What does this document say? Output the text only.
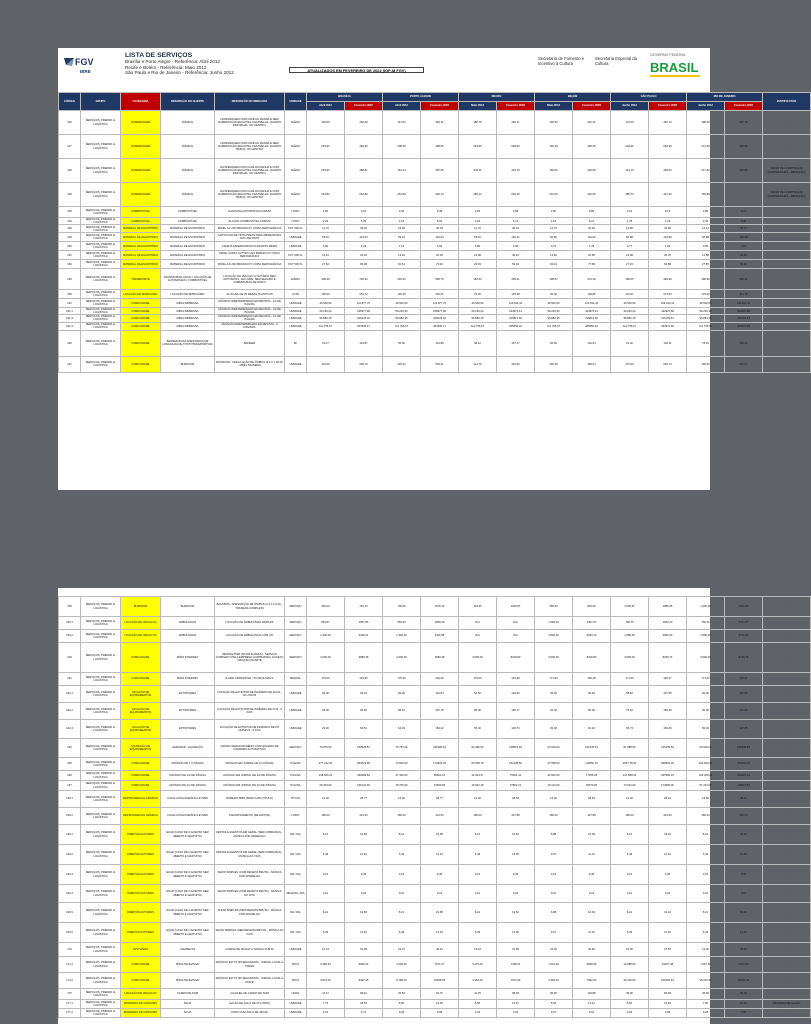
FGV
IBRE
LISTA DE SERVIÇOS
Brasília e Porto Alegre - Referência: Abril 2012
Recife e Belém - Referência: Maio 2012
São Paulo e Rio de Janeiro - Referência: Junho 2012	ATUALIZADOS EM FEVEREIRO DE 2022 (IGP-M FGV)
Secretaria de Fomento e Incentivo à Cultura
Secretaria Especial da Cultura
GOVERNO FEDERAL
BRASIL
CÓDIGO	GRUPO	CATEGORIA	DESCRIÇÃO DO CLIENTE	DESCRIÇÃO DO MERCADO	UNIDADE	BRASÍLIA		PORTO ALEGRE		RECIFE		BELÉM		SÃO PAULO		RIO DE JANEIRO		JUSTIFICATIVA
						Abril 2012	Fevereiro 2022	Abril 2012	Fevereiro 2022	Maio 2012	Fevereiro 2022	Maio 2012	Fevereiro 2022	Junho 2012	Fevereiro 2022	Junho 2012	Fevereiro 2022	
126	SERVIÇOS, PREPAR. E LOGÍSTICA	HOSPEDAGEM	DIÁRIAS	HOSPEDAGEM COM CAFÉ DA MANHÃ E SEM ALIMENTAÇÃO EM HOTEL 3 ESTRELAS, QUARTO INDIVIDUAL, NO CENTRO.	DIÁRIA	193,00	462,69	147,00	352,11	188,78	429,71	130,00	310,21	176,00	354,10	398,00	867,79	-
127	SERVIÇOS, PREPAR. E LOGÍSTICA	HOSPEDAGEM	DIÁRIAS	HOSPEDAGEM COM CAFÉ DA MANHÃ E SEM ALIMENTAÇÃO EM HOTEL 3 ESTRELAS, QUARTO TRIPLO, NO CENTRO.	DIÁRIA	203,91	484,95	208,00	498,65	263,56	628,50	192,46	395,45	239,25	562,96	271,48	646,80	-
128	SERVIÇOS, PREPAR. E LOGÍSTICA	HOSPEDAGEM	DIÁRIAS	HOSPEDAGEM COM CAFÉ DA MANHÃ E COM ALIMENTAÇÃO EM HOTEL 3 ESTRELAS, QUARTO INDIVIDUAL, NO CENTRO.	DIÁRIA	203,91	488,81	161,24	387,25	235,11	433,79	166,00	302,83	191,19	455,03	217,22	510,85	VALOR DE COMPOSIÇÃO (HOSPEDAGEM + REFEIÇÃO)
129	SERVIÇOS, PREPAR. E LOGÍSTICA	HOSPEDAGEM	DIÁRIAS	HOSPEDAGEM COM CAFÉ DA MANHÃ E COM ALIMENTAÇÃO EM HOTEL 3 ESTRELAS, QUARTO TRIPLO, NO CENTRO.	DIÁRIA	234,84	562,89	251,08	602,13	256,14	593,35	201,06	291,62	385,72	327,29	769,88		VALOR DE COMPOSIÇÃO (HOSPEDAGEM + REFEIÇÃO)
145	SERVIÇOS, PREPAR. E LOGÍSTICA	COMBUSTÍVEL	COMBUSTÍVEL	GASOLINA AUTOMOTIVA COMUM	LITRO	2,80	6,61	2,66	6,38	2,81	6,69	2,90	6,89	2,61	6,13	2,85	6,71	
146	SERVIÇOS, PREPAR. E LOGÍSTICA	COMBUSTÍVEL	COMBUSTÍVEL	ÁLCOOL COMBUSTÍVEL COMUM	LITRO	2,29	5,39	2,16	5,02	2,15	5,11	2,19	5,21	1,78	4,19	2,30	5,48	
148	SERVIÇOS, PREPAR. E LOGÍSTICA	MATERIAL DE ESCRITÓRIO	MATERIAL DE ESCRITÓRIO	PAPEL A4 USO BRANCO P/ CÓPIA XEROGRÁFICA	PCT 500 FL	14,70	35,29	15,09	36,18	12,70	30,19	14,70	34,94	13,88	32,66	14,14	33,74	
149	SERVIÇOS, PREPAR. E LOGÍSTICA	MATERIAL DE ESCRITÓRIO	MATERIAL DE ESCRITÓRIO	CARTUCHO DE TINTA PRETA PARA IMPRESSORA JATO DE TINTA	UNIDADE	59,91	143,63	59,91	143,63	59,91	142,41	60,80	144,52	60,88	143,98	60,88	145,38	
150	SERVIÇOS, PREPAR. E LOGÍSTICA	MATERIAL DE ESCRITÓRIO	MATERIAL DE ESCRITÓRIO	CANETA ESFEROGRÁFICA ESCRITA MÉDIA	UNIDADE	0,90	2,16	1,12	2,69	0,80	2,00	0,75	1,78	0,77	1,81	0,90	2,12	
151	SERVIÇOS, PREPAR. E LOGÍSTICA	MATERIAL DE ESCRITÓRIO	MATERIAL DE ESCRITÓRIO	PAPEL CARTA COTTEX USO BRANCO P/ CÓPIA XEROGRÁFICA	PCT 500 FL	13,61	32,63	13,45	32,25	13,08	30,16	13,92	32,95	13,08	30,78	12,88	29,84	
152	SERVIÇOS, PREPAR. E LOGÍSTICA	MATERIAL DE ESCRITÓRIO	MATERIAL DE ESCRITÓRIO	PAPEL A3 USO BRANCO P/ CÓPIA XEROGRÁFICA	PCT 500 FL	27,52	65,98	30,64	73,46	26,93	59,02	32,46	77,09	27,15	63,88	27,85	65,33	
153	SERVIÇOS, PREPAR. E LOGÍSTICA	TRANSPORTE	TRANSPORTE LOCAL / LOCAÇÃO DE AUTOMÓVEIS / COMBUSTÍVEL	LOCAÇÃO DE VEÍCULO UTILITÁRIO SEM MOTORISTA, KM LIVRE, SEM SEGURO E COBERTURAS DE RISCO	DIÁRIA	409,29	748,94	246,00	589,75	182,53	435,61	198,67	472,26	186,05	484,93	398,96	469,32	
159	SERVIÇOS, PREPAR. E LOGÍSTICA	LOCAÇÃO DE MOBILIÁRIO	LOCAÇÃO DE MOBILIÁRIO	ALUGUEL DE 25 MESAS PLÁSTICAS	LOTE	105,00	251,72	126,25	302,67	75,00	178,28	50,00	118,85	116,67	274,53	175,00	411,78	
191	SERVIÇOS, PREPAR. E LOGÍSTICA	PUBLICIDADE	MÍDIA IMPRESSA	ANÚNCIO INDETERMINADO EM REVISTA - 1/4 DE PÁGINA	UNIDADE	46.500,00	111.877,75	46.500,00	111.877,75	46.500,00	110.534,44	46.500,00	110.534,44	46.500,00	109.910,41	46.500,00	109.921,41	
191,1	SERVIÇOS, PREPAR. E LOGÍSTICA	PUBLICIDADE	MÍDIA IMPRESSA	ANÚNCIO INDETERMINADO EM REVISTA - 1/2 DE PÁGINA	UNIDADE	69.233,33	165977,99	69.233,33	165977,99	69.233,33	164573,41	69.233,33	164573,41	69.233,33	162907,68	69.233,33	162907,68	
191,3	SERVIÇOS, PREPAR. E LOGÍSTICA	PUBLICIDADE	MÍDIA IMPRESSA	ANÚNCIO INDETERMINADO EM REVISTA - 1/1 DE PÁGINA	UNIDADE	95.883,15	229278,32	95.883,15	229278,32	95.883,15	215813,65	95.883,15	215813,65	95.883,15	216153,67	95.883,15	216153,67	
191,4	SERVIÇOS, PREPAR. E LOGÍSTICA	PUBLICIDADE	MÍDIA IMPRESSA	ANÚNCIO INDETERMINADO EM REVISTA - 2 PÁGINAS	UNIDADE	111.756,67	267835,17	111.756,67	267835,17	111.756,67	265656,22	111.756,67	265656,22	111.756,67	263971,99	111.756,67	263871,99	
196	SERVIÇOS, PREPAR. E LOGÍSTICA	PUBLICIDADE	BANNER/FAIXA ADESIVADAS DE LONA/FAIXA DE TNT/TOTENS/PÓRTICO	BANNER	M²	51,47	123,87	55,00	131,86	66,12	157,17	60,00	142,64	61,00	146,11	78,91	184,21	
197	SERVIÇOS, PREPAR. E LOGÍSTICA	PUBLICIDADE	BUSDOOR	BUSDOOR - VEICULAÇÃO DE ÔNIBUS (3,3 X 1,05 M) - MÍDIA TRASEIRA	UNIDADE	112,50	269,70	225,00	539,41	144,75	344,09	155,29	369,04	276,00	649,73	190,00	447,07	
158	SERVIÇOS, PREPAR. E LOGÍSTICA	BUSDOOR	BUSDOOR	BACKBUS - ADESIVAÇÃO DE ÔNIBUS (3,3 X 2,0 M) - TRASEIRA COMPLETA	SERVIÇO	330,00	791,13	700,00	1678,16	433,35	1029,87	355,50	845,05	1.006,67	1986,95	1.300,00	2355,32	-
159,1	SERVIÇOS, PREPAR. E LOGÍSTICA	LOCAÇÃO DE VEÍCULOS	AMBULÂNCIA	LOCAÇÃO DE AMBULÂNCIA SIMPLES	SERVIÇO	853,67	1957,86	650,00	1558,29	N/A	N/A	1.690,00	1467,67	706,75	1664,00	750,00	1764,77	-
159,2	SERVIÇOS, PREPAR. E LOGÍSTICA	LOCAÇÃO DE VEÍCULOS	AMBULÂNCIA	LOCAÇÃO DE AMBULÂNCIA COM UTI	SERVIÇO	1.430,00	3428,21	1.300,00	3116,58	N/A	N/A	3.800,00	9033,10	1.589,25	3682,69	1.590,00	3741,28	-
160	SERVIÇOS, PREPAR. E LOGÍSTICA	PUBLICIDADE	MÍDIA INTERNET	NEWSLETTER (50.000 E-MAILS) - SERVIÇO COMPLETO PELA EMPRESA CONTRATADA, EXCETO CRIAÇÃO DA ARTE	SERVIÇO	4.000,00	9589,48	2.000,00	4589,38	3.500,00	8319,80	3.500,00	8319,80	3.500,00	8235,74	3.500,00	8235,74	-
161	SERVIÇOS, PREPAR. E LOGÍSTICA	PUBLICIDADE	MÍDIA INTERNET	E-MAIL MARKETING - 50.000 E-MAILS	MENSAL	175,00	419,95	175,00	419,95	175,00	415,98	171,00	406,48	171,00	402,37	171,00	402,37	-
162,1	SERVIÇOS, PREPAR. E LOGÍSTICA	LOCAÇÃO DE EQUIPAMENTOS	EXTINTORES	LOCAÇÃO DE EXTINTOR DE INCÊNDIO DE ÁGUA - 10 LITROS	UNIDADE	26,00	62,33	60,00	143,84	52,50	124,80	35,00	95,33	98,62	137,65	50,00	117,65	-
162,2	SERVIÇOS, PREPAR. E LOGÍSTICA	LOCAÇÃO DE EQUIPAMENTOS	EXTINTORES	LOCAÇÃO DE EXTINTOR DE INCÊNDIO DE CO2 - 6 KGS	UNIDADE	39,00	93,50	86,67	207,78	80,00	190,17	20,00	95,06	76,62	180,99	50,00	117,65	-
162,3	SERVIÇOS, PREPAR. E LOGÍSTICA	LOCAÇÃO DE EQUIPAMENTOS	EXTINTORES	LOCAÇÃO DE EXTINTOR DE INCÊNDIO DE PÓ QUÍMICO - 6 KGS	UNIDADE	29,00	69,52	64,33	154,22	55,00	130,74	35,00	81,20	65,73	154,66	50,00	117,65	-
164	SERVIÇOS, PREPAR. E LOGÍSTICA	AQUISIÇÃO DE EQUIPAMENTOS	GERADOR - AQUISIÇÃO	GRUPO GERADOR MÉDIO COM QUADRO DE COMANDO AUTOMÁTICO	SERVIÇO	70.879,00	169923,57	75.787,00	181686,42	62.480,00	148519,34	64.000,00	152135,51	61.688,96	145155,63	63.900,00	150349,83	-
165	SERVIÇOS, PREPAR. E LOGÍSTICA	PUBLICIDADE	ANÚNCIO DE 1 X PÁGINA	ANÚNCIO EM JORNAL DE 1/1 PÁGINA	PÁGINA	277.212,00	664579,68	74.800,00	179323,35	63.608,75	151208,82	47.558,00	113050,15	295.778,00	695964,30	202.816,00	472234,26	-
166	SERVIÇOS, PREPAR. E LOGÍSTICA	PUBLICIDADE	ANÚNCIO DE 1/2 DE PÁGINA	ANÚNCIO EM JORNAL DE 1/2 DE PÁGINA	PÁGINA	138.606,00	332289,84	37.400,00	89661,67	31.804,37	75604,41	32.500,00	77255,25	147.889,00	347982,15	100.308,00	236027,12	-
167	SERVIÇOS, PREPAR. E LOGÍSTICA	PUBLICIDADE	ANÚNCIO DE 1/4 DE PÁGINA	ANÚNCIO EM JORNAL DE 1/4 DE PÁGINA	PÁGINA	69.303,00	166144,92	18.700,00	44830,84	15.902,18	37802,21	15.132,00	35970,00	73.944,00	173990,00	51.154,00	118013,56	-
168,1	SERVIÇOS, PREPAR. E LOGÍSTICA	REPROGRAFIA E GRÁFICA	FICHA CATALOGRÁFICA E ISBN	NÚMERO ISBN (PARA CADA TÍTULO)	TÍTULO	12,00	28,77	12,00	28,77	12,00	28,53	12,00	28,53	12,00	28,24	12,00	28,24	-
168,2	SERVIÇOS, PREPAR. E LOGÍSTICA	REPROGRAFIA E GRÁFICA	FICHA CATALOGRÁFICA E ISBN	CADASTRAMENTO (DE EDITOR)	LIVRO	180,00	431,53	180,00	431,53	180,00	427,88	180,00	427,88	180,00	423,54	180,00	423,54	-
169,1	SERVIÇOS, PREPAR. E LOGÍSTICA	DIREITOS AUTORAIS	ECAD (CASO DE O EVENTO SER ABERTO E GRATUITO)	FESTAS E EVENTOS EM GERAL (SEM COBRANÇA) - MÚSICA POR APARELHO	M2 / DIA	8,21	19,68	8,21	19,68	8,21	19,52	6,88	16,39	8,21	19,32	8,21	19,32	-
169,2	SERVIÇOS, PREPAR. E LOGÍSTICA	DIREITOS AUTORAIS	ECAD (CASO DE O EVENTO SER ABERTO E GRATUITO)	FESTAS E EVENTOS EM GERAL (SEM COBRANÇA) - MÚSICA AO VIVO	M2 / DIA	5,49	13,16	5,49	13,16	5,49	13,05	3,67	11,10	5,49	12,92	5,49	12,92	-
169,3	SERVIÇOS, PREPAR. E LOGÍSTICA	DIREITOS AUTORAIS	ECAD (CASO DE O EVENTO SER ABERTO E GRATUITO)	SHOW SIMPLES (COM RECEITA BRUTA) - MÚSICA POR APARELHO	M2 / DIA	0,15	0,36	0,15	0,36	0,15	0,36	0,15	0,36	0,15	0,35	0,15	0,35	-
169,4	SERVIÇOS, PREPAR. E LOGÍSTICA	DIREITOS AUTORAIS	ECAD (CASO DE O EVENTO SER ABERTO E GRATUITO)	SHOW SIMPLES (COM RECEITA BRUTA) - MÚSICA AO VIVO	RECEITA / DIA	0,10	0,24	0,10	0,24	0,10	0,24	0,10	0,24	0,10	0,24	0,10	0,24	-
169,5	SERVIÇOS, PREPAR. E LOGÍSTICA	DIREITOS AUTORAIS	ECAD (CASO DE O EVENTO SER ABERTO E GRATUITO)	SHOW SIMPLES (SEM RECEITA BRUTA) - MÚSICA POR APARELHO	M2 / DIA	8,21	19,68	8,21	19,68	8,21	19,52	6,88	16,39	8,21	19,32	8,21	19,32	-
169,6	SERVIÇOS, PREPAR. E LOGÍSTICA	DIREITOS AUTORAIS	ECAD (CASO DE O EVENTO SER ABERTO E GRATUITO)	SHOW SIMPLES (SEM RECEITA BRUTA) - MÚSICA AO VIVO	M2 / DIA	5,49	13,16	5,49	13,16	5,49	13,05	3,67	11,10	5,49	12,92	5,49	12,92	-
170	SERVIÇOS, PREPAR. E LOGÍSTICA	VESTUÁRIO	CAMISETAS	CAMISA DE MALHA C/ MANGA CURTA	UNIDADE	21,43	51,38	19,37	46,44	13,44	31,95	15,00	35,66	15,95	37,53	14,00	33,65	-
174,1	SERVIÇOS, PREPAR. E LOGÍSTICA	PUBLICIDADE	MÍDIA TELEVISIVA	ANÚNCIO EM TV (30 SEGUNDOS) - JORNAL LOCAL A TARDE	SPOT	2.399,33	5608,24	3.200,00	7671,57	3.276,00	7788,31	1.619,00	3848,59	10.288,00	24207,38	1.667,50	3923,50	-
174,2	SERVIÇOS, PREPAR. E LOGÍSTICA	PUBLICIDADE	MÍDIA TELEVISIVA	ANÚNCIO EM TV (30 SEGUNDOS) - JORNAL LOCAL A NOITE	SPOT	3.541,00	8497,45	6.786,00	16268,55	3.354,00	7972,92	3.362,00	7992,23	45.120,00	106166,61	15.012,00	35331,31	-
176	SERVIÇOS, PREPAR. E LOGÍSTICA	LOCAÇÃO DE VEÍCULOS	CARRO DE SOM	ALUGUEL DE CARRO DE SOM	HORA	41,47	99,42	39,50	94,70	41,25	98,05	50,00	118,85	35,00	82,36	35,00	82,36	-
177,1	SERVIÇOS, PREPAR. E LOGÍSTICA	MATERIAIS DE CONSUMO	ÁGUA	GALÃO DE ÁGUA DE 20 LITROS	UNIDADE	7,73	18,53	8,00	19,18	5,50	13,07	5,64	13,41	5,60	13,63	7,60	17,91	RECARGA DE GALÃO
177,2	SERVIÇOS, PREPAR. E LOGÍSTICA	MATERIAIS DE CONSUMO	ÁGUA	COPO COM ÁGUA DE 300 ML	UNIDADE	0,31	0,74	0,29	0,68	0,33	0,81	0,27	0,64	0,29	0,69	0,28	0,65	-
